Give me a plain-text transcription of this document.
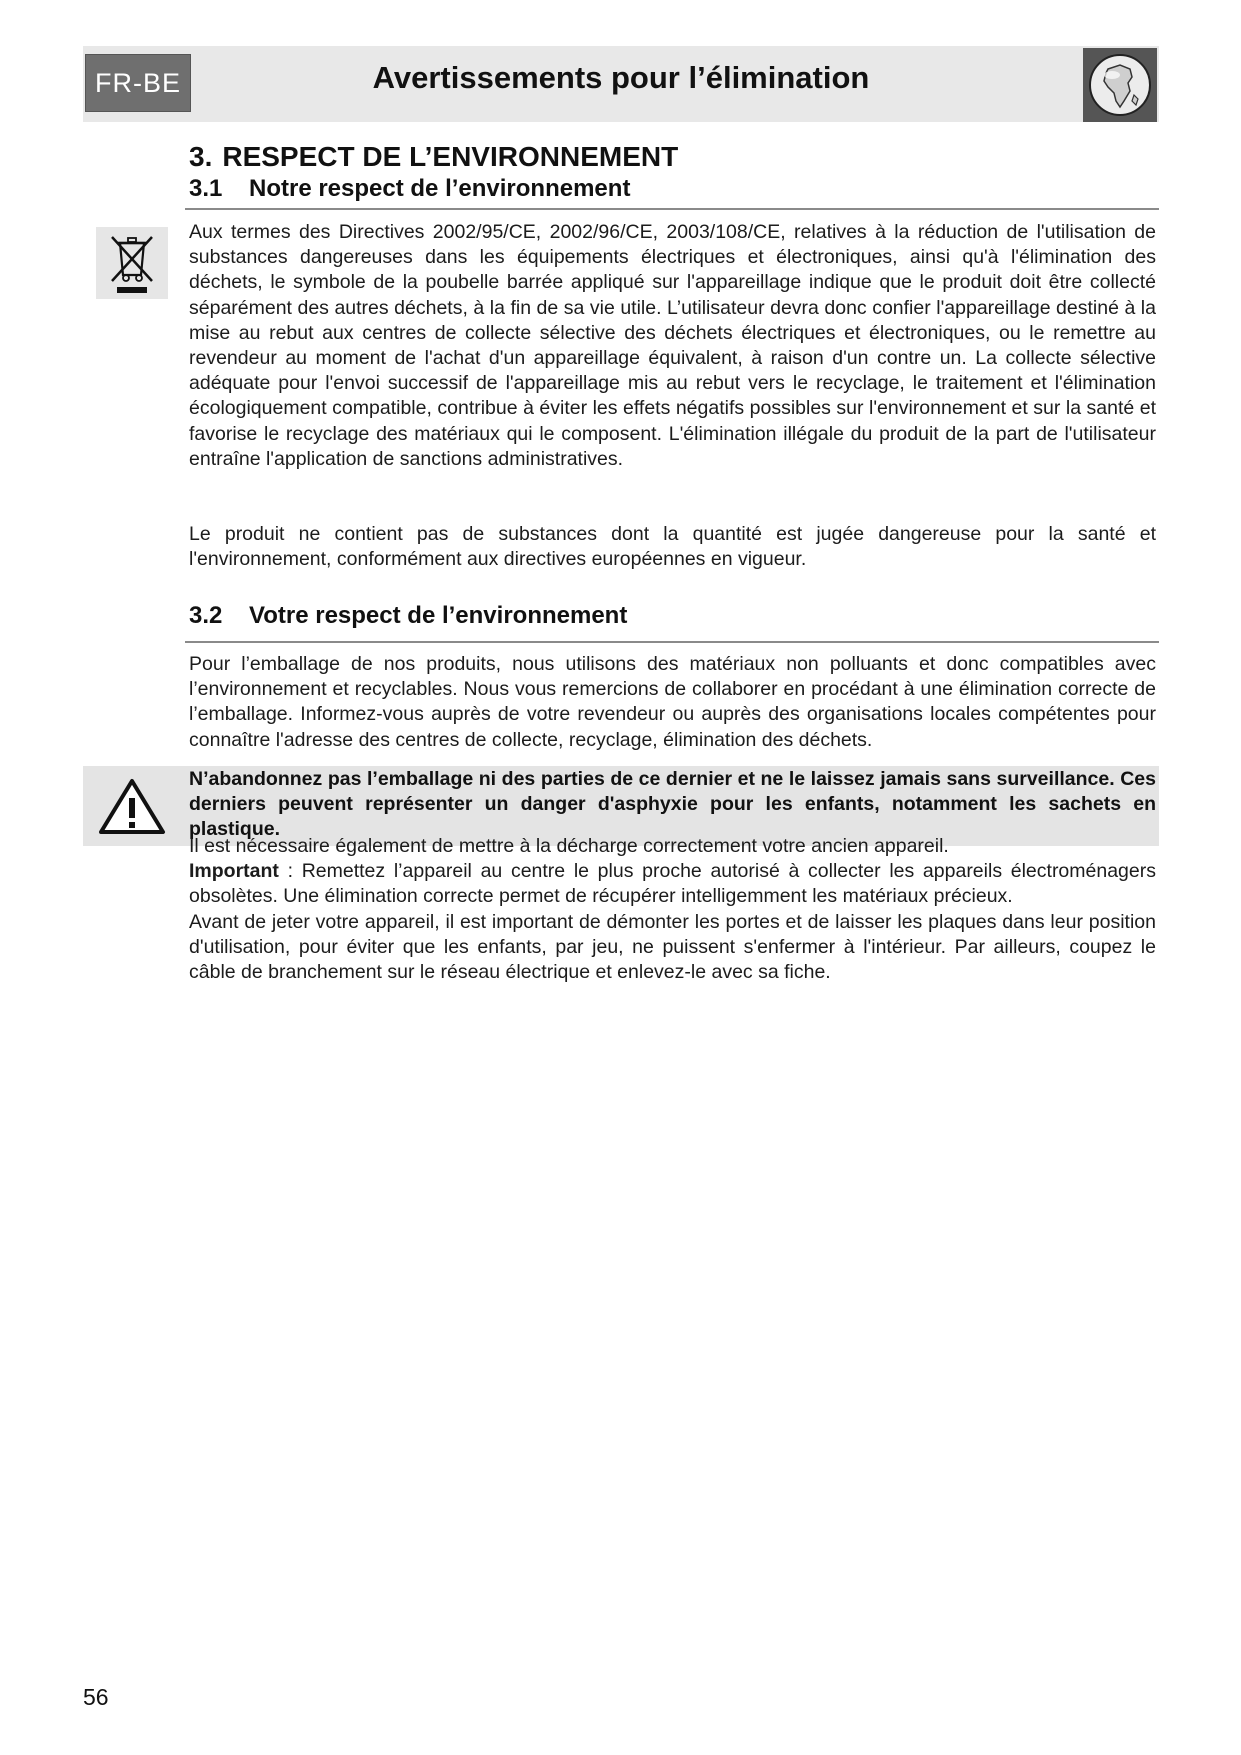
FR-BE	Avertissements pour l’élimination
3. RESPECT DE L’ENVIRONNEMENT
3.1 Notre respect de l’environnement

Aux termes des Directives 2002/95/CE, 2002/96/CE, 2003/108/CE, relatives à la réduction de l'utilisation de substances dangereuses dans les équipements électriques et électroniques, ainsi qu'à l'élimination des déchets, le symbole de la poubelle barrée appliqué sur l'appareillage indique que le produit doit être collecté séparément des autres déchets, à la fin de sa vie utile. L’utilisateur devra donc confier l'appareillage destiné à la mise au rebut aux centres de collecte sélective des déchets électriques et électroniques, ou le remettre au revendeur au moment de l'achat d'un appareillage équivalent, à raison d'un contre un. La collecte sélective adéquate pour l'envoi successif de l'appareillage mis au rebut vers le recyclage, le traitement et l'élimination écologiquement compatible, contribue à éviter les effets négatifs possibles sur l'environnement et sur la santé et favorise le recyclage des matériaux qui le composent. L'élimination illégale du produit de la part de l'utilisateur entraîne l'application de sanctions administratives.

Le produit ne contient pas de substances dont la quantité est jugée dangereuse pour la santé et l'environnement, conformément aux directives européennes en vigueur.

3.2 Votre respect de l’environnement

Pour l’emballage de nos produits, nous utilisons des matériaux non polluants et donc compatibles avec l’environnement et recyclables. Nous vous remercions de collaborer en procédant à une élimination correcte de l’emballage. Informez-vous auprès de votre revendeur ou auprès des organisations locales compétentes pour connaître l'adresse des centres de collecte, recyclage, élimination des déchets.

N’abandonnez pas l’emballage ni des parties de ce dernier et ne le laissez jamais sans surveillance. Ces derniers peuvent représenter un danger d'asphyxie pour les enfants, notamment les sachets en plastique.

Il est nécessaire également de mettre à la décharge correctement votre ancien appareil.

Important : Remettez l’appareil au centre le plus proche autorisé à collecter les appareils électroménagers obsolètes. Une élimination correcte permet de récupérer intelligemment les matériaux précieux.

Avant de jeter votre appareil, il est important de démonter les portes et de laisser les plaques dans leur position d'utilisation, pour éviter que les enfants, par jeu, ne puissent s'enfermer à l'intérieur. Par ailleurs, coupez le câble de branchement sur le réseau électrique et enlevez-le avec sa fiche.

56
